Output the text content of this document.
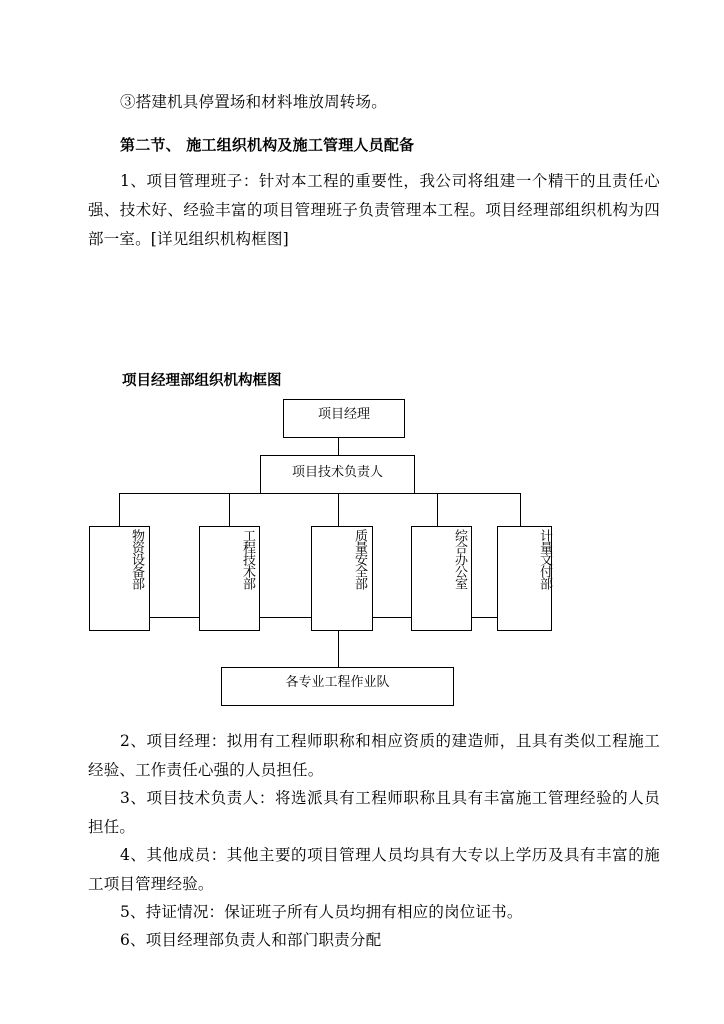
③搭建机具停置场和材料堆放周转场。

第二节、 施工组织机构及施工管理人员配备

1、项目管理班子：针对本工程的重要性，我公司将组建一个精干的且责任心强、技术好、经验丰富的项目管理班子负责管理本工程。项目经理部组织机构为四部一室。[详见组织机构框图]

项目经理部组织机构框图
项目经理
项目技术负责人
物资设备部	工程技术部	质量安全部	综合办公室	计量文付部
各专业工程作业队

2、项目经理：拟用有工程师职称和相应资质的建造师，且具有类似工程施工经验、工作责任心强的人员担任。

3、项目技术负责人：将选派具有工程师职称且具有丰富施工管理经验的人员担任。

4、其他成员：其他主要的项目管理人员均具有大专以上学历及具有丰富的施工项目管理经验。

5、持证情况：保证班子所有人员均拥有相应的岗位证书。

6、项目经理部负责人和部门职责分配
